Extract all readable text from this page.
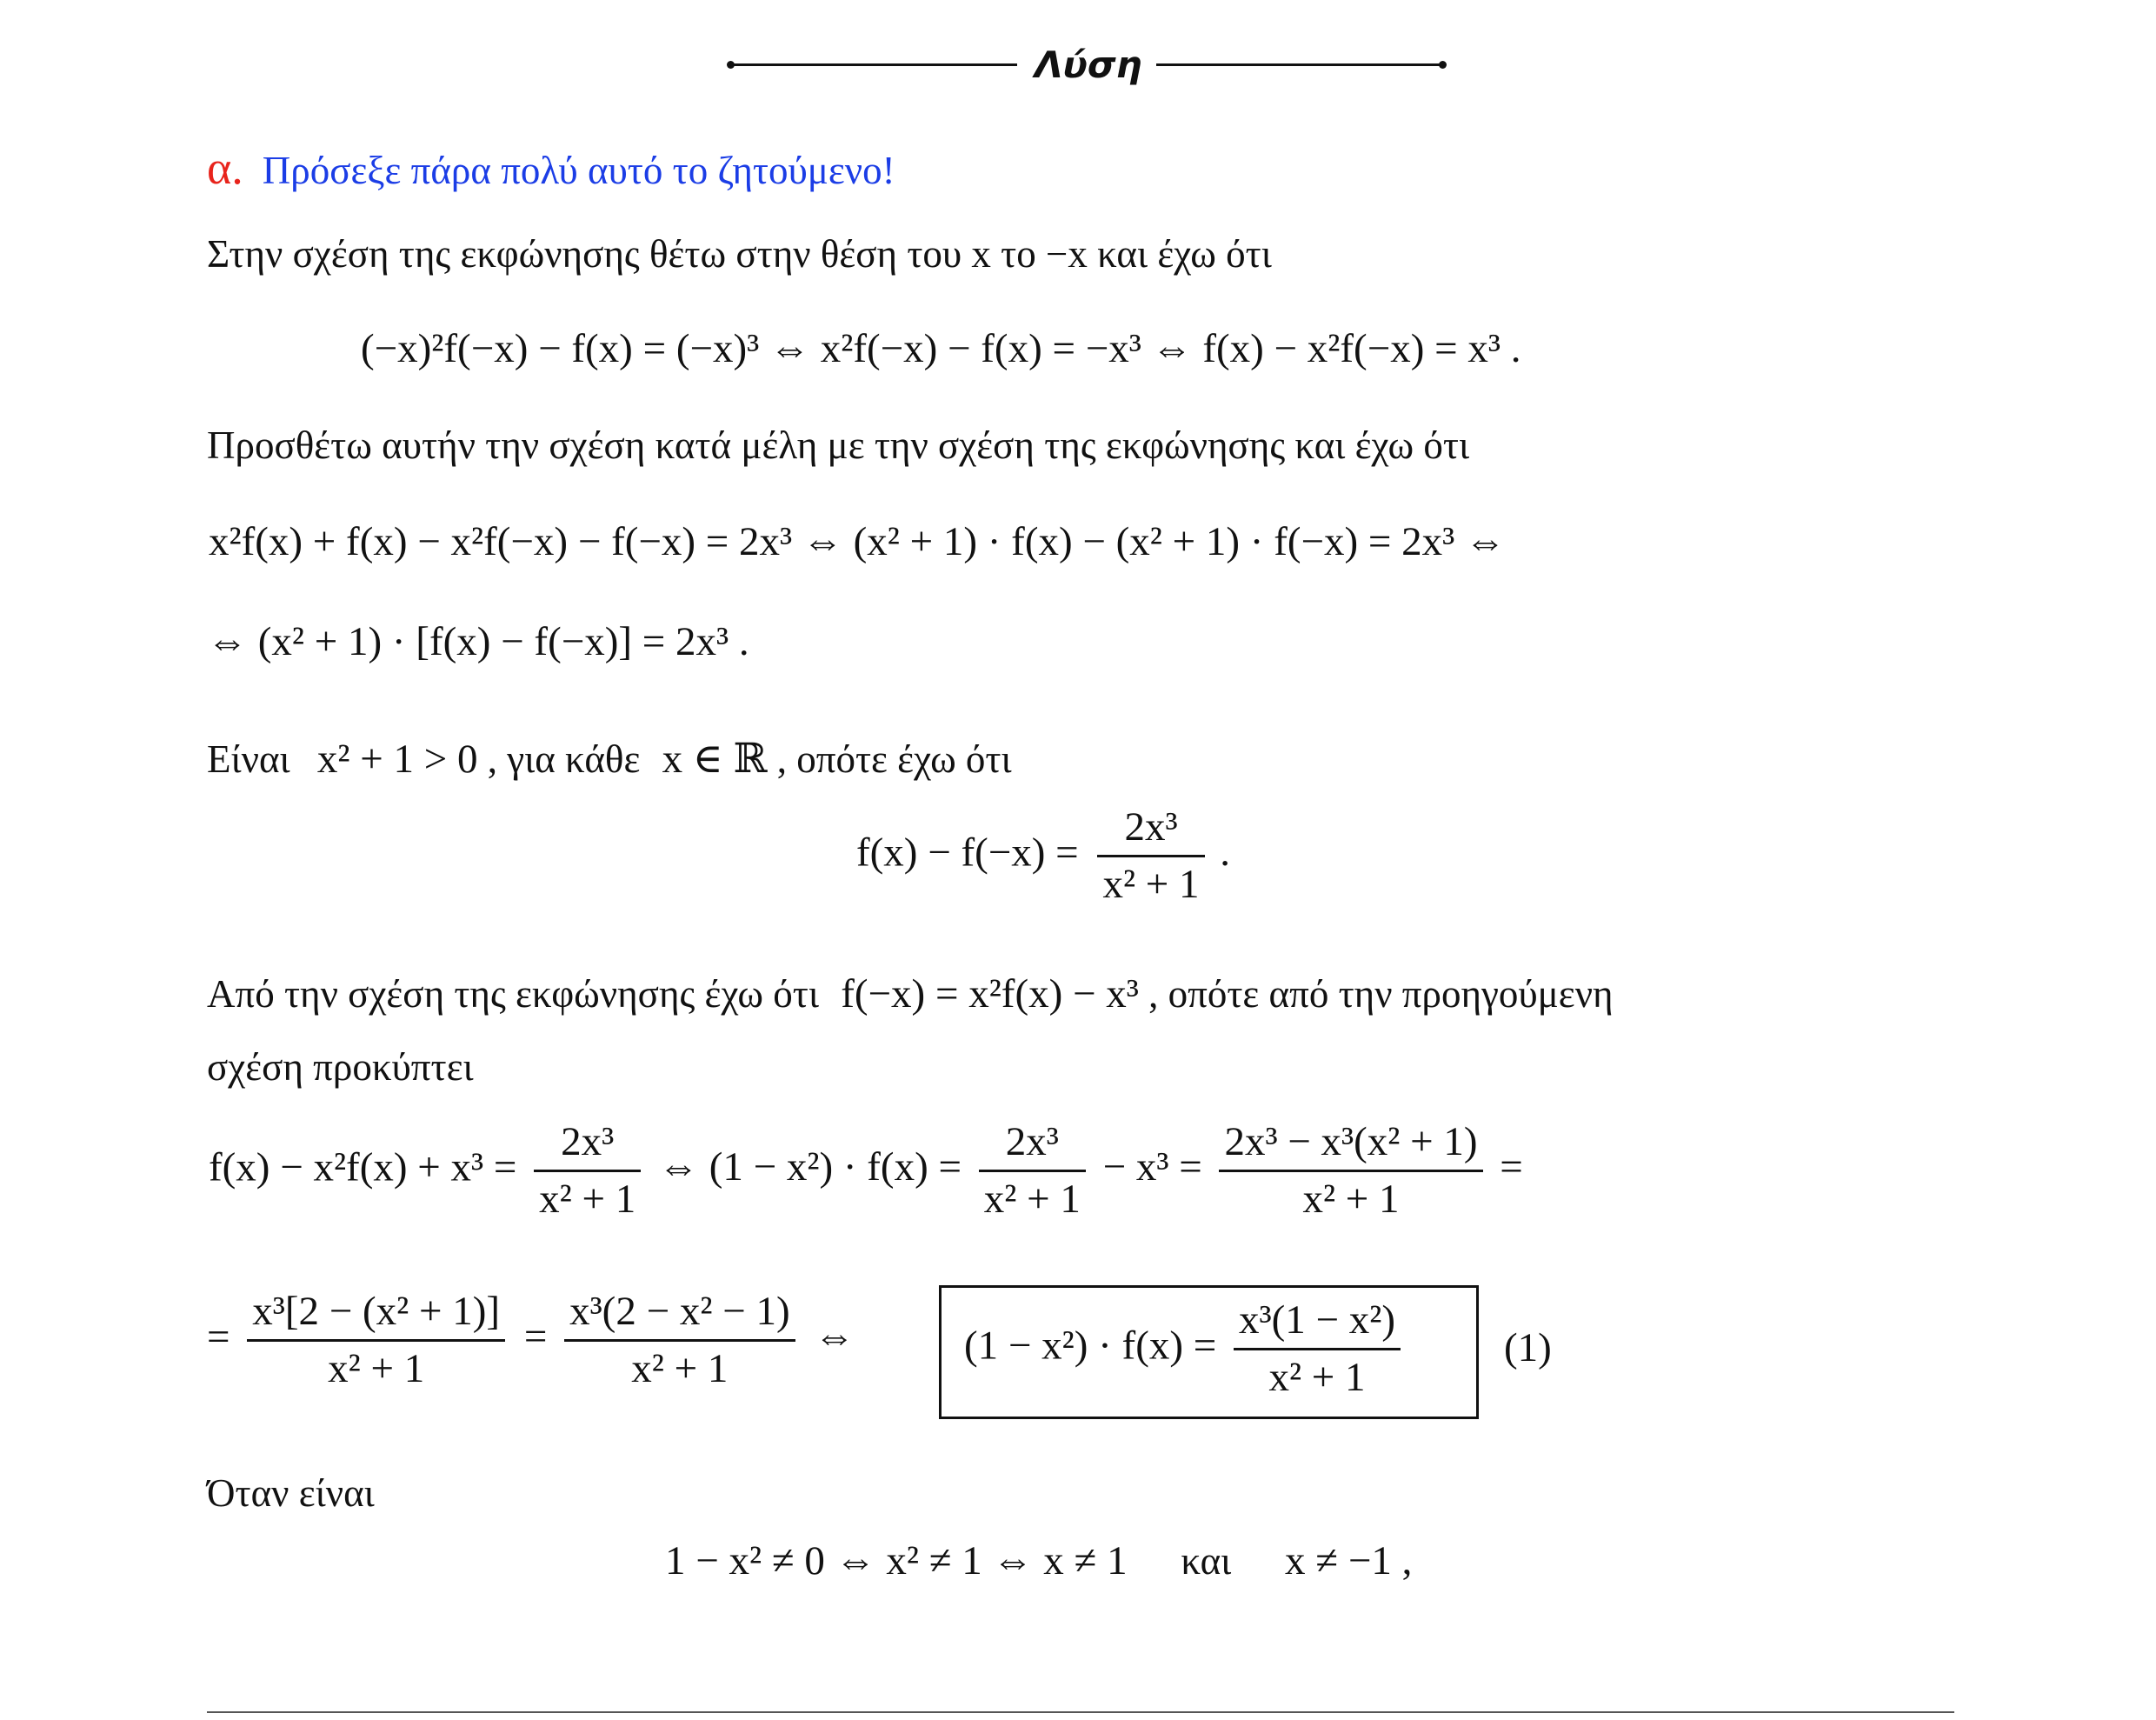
Λύση
α. Πρόσεξε πάρα πολύ αυτό το ζητούμενο!
Στην σχέση της εκφώνησης θέτω στην θέση του x το −x και έχω ότι
(−x)²f(−x) − f(x) = (−x)³ ⇔ x²f(−x) − f(x) = −x³ ⇔ f(x) − x²f(−x) = x³ .
Προσθέτω αυτήν την σχέση κατά μέλη με την σχέση της εκφώνησης και έχω ότι
x²f(x) + f(x) − x²f(−x) − f(−x) = 2x³ ⇔ (x² + 1) · f(x) − (x² + 1) · f(−x) = 2x³ ⇔
⇔ (x² + 1) · [f(x) − f(−x)] = 2x³ .
Είναι x² + 1 > 0 , για κάθε x ∈ ℝ , οπότε έχω ότι
$f(x) - f(-x) = \frac{\text{2x³}}{\text{x² + 1}}$ .
Από την σχέση της εκφώνησης έχω ότι f(−x) = x²f(x) − x³ , οπότε από την προηγούμενη
σχέση προκύπτει
$f(x) - x^2f(x) + x^3 = \frac{\text{2x³}}{\text{x² + 1}}$ ⇔ $(1 - x^2) \cdot f(x) = \frac{\text{2x³}}{\text{x² + 1}} - x^3 = \frac{\text{2x³ − x³(x² + 1)}}{\text{x² + 1}}$ =
= $\frac{\text{x³[2 − (x² + 1)]}}{\text{x² + 1}} = \frac{\text{x³(2 − x² − 1)}}{\text{x² + 1}}$ ⇔	$(1 - x^2) \cdot f(x) = \frac{\text{x³(1 − x²)}}{\text{x² + 1}}$	(1)
Όταν είναι
1 − x² ≠ 0 ⇔ x² ≠ 1 ⇔ x ≠ 1 και x ≠ −1 ,
